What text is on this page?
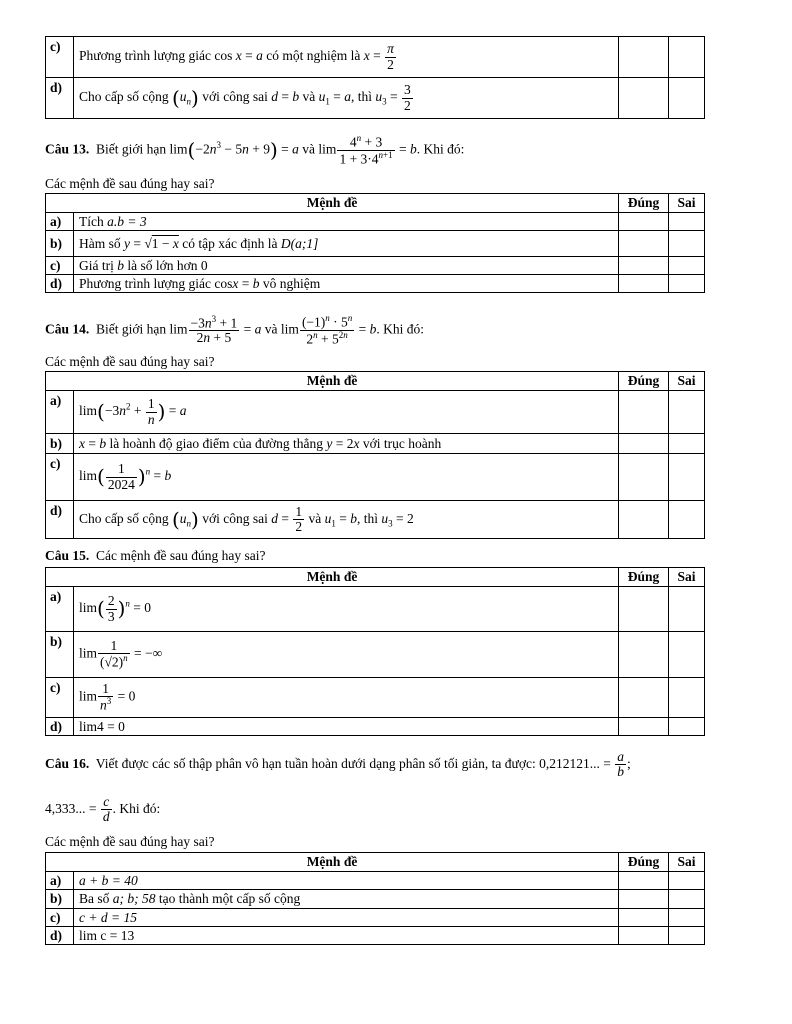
c)	Phương trình lượng giác cos x = a có một nghiệm là $x = \frac{\pi}{2}$

d)	Cho cấp số cộng $(u_n)$ với công sai d = b và $u_1 = a$, thì $u_3 = \frac{3}{2}$

Câu 13. Biết giới hạn $\lim(-2n^3 - 5n + 9) = a$ và $\lim \frac{4^n + 3}{1 + 3\cdot 4^{n+1}} = b$. Khi đó:
Các mệnh đề sau đúng hay sai?
Mệnh đề		Đúng	Sai
a)	Tích a.b = 3		
b)	Hàm số y = √1 − x có tập xác định là D(a;1]		
c)	Giá trị b là số lớn hơn 0		
d)	Phương trình lượng giác cosx = b vô nghiệm		
Câu 14. Biết giới hạn $\lim \frac{-3n^3 + 1}{2n + 5} = a$ và $\lim \frac{(-1)^n \cdot 5^n}{2^n + 5^{2n}} = b$. Khi đó:
Các mệnh đề sau đúng hay sai?
Mệnh đề		Đúng	Sai
a)	$\lim(-3n^2 + \frac{1}{n}$ ) = a		
b)	x = b là hoành độ giao điểm của đường thẳng y = 2x với trục hoành		
c)	$\lim( \frac{1}{2024} )^n = b$		
d)	Cho cấp số cộng $(u_n)$ với công sai $d = \frac{1}{2}$ và $u_1 = b$, thì $u_3 = 2$		
Câu 15. Các mệnh đề sau đúng hay sai?
Mệnh đề		Đúng	Sai
a)	$\lim( \frac{2}{3} )^n = 0$		
b)	$\lim \frac{1}{(√2)^n}$ = −∞		
c)	$\lim \frac{1}{n^3} = 0$		
d)	lim4 = 0		
Câu 16. Viết được các số thập phân vô hạn tuần hoàn dưới dạng phân số tối giản, ta được: 0,212121... = $\frac{a}{b}$ ;
4,333... = $\frac{c}{d}$ . Khi đó:
Các mệnh đề sau đúng hay sai?
Mệnh đề		Đúng	Sai
a)	a + b = 40		
b)	Ba số a; b; 58 tạo thành một cấp số cộng		
c)	c + d = 15		
d)	lim c = 13		
